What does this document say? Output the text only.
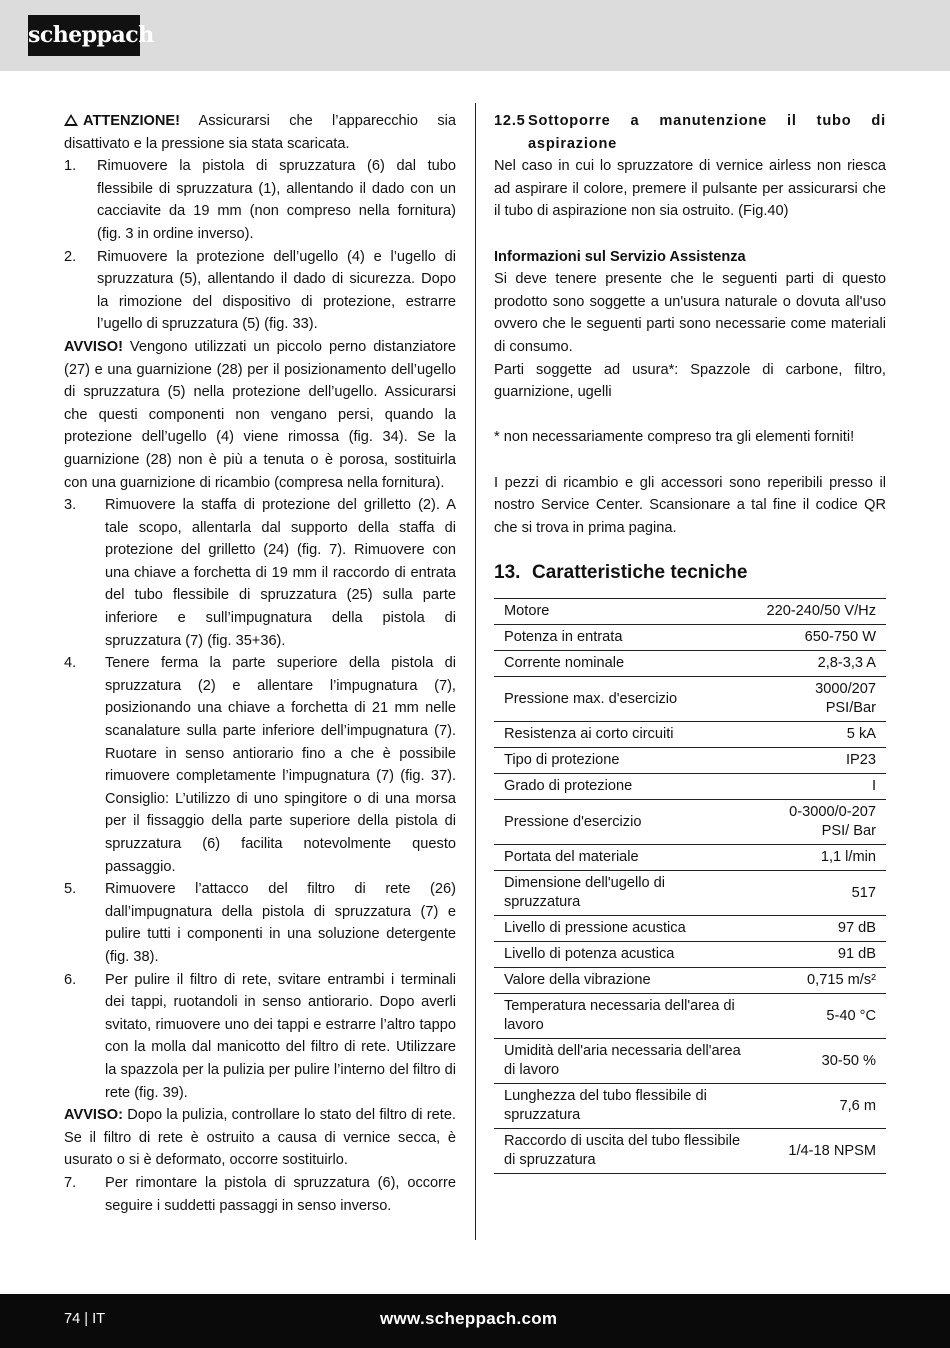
scheppach

ATTENZIONE! Assicurarsi che l’apparecchio sia disattivato e la pressione sia stata scaricata.

1.	Rimuovere la pistola di spruzzatura (6) dal tubo flessibile di spruzzatura (1), allentando il dado con un cacciavite da 19 mm (non compreso nella fornitura) (fig. 3 in ordine inverso).
2.	Rimuovere la protezione dell’ugello (4) e l’ugello di spruzzatura (5), allentando il dado di sicurezza. Dopo la rimozione del dispositivo di protezione, estrarre l’ugello di spruzzatura (5) (fig. 33).

AVVISO! Vengono utilizzati un piccolo perno distanziatore (27) e una guarnizione (28) per il posizionamento dell’ugello di spruzzatura (5) nella protezione dell’ugello. Assicurarsi che questi componenti non vengano persi, quando la protezione dell’ugello (4) viene rimossa (fig. 34). Se la guarnizione (28) non è più a tenuta o è porosa, sostituirla con una guarnizione di ricambio (compresa nella fornitura).

3.	Rimuovere la staffa di protezione del grilletto (2). A tale scopo, allentarla dal supporto della staffa di protezione del grilletto (24) (fig. 7). Rimuovere con una chiave a forchetta di 19 mm il raccordo di entrata del tubo flessibile di spruzzatura (25) sulla parte inferiore e sull’impugnatura della pistola di spruzzatura (7) (fig. 35+36).
4.	Tenere ferma la parte superiore della pistola di spruzzatura (2) e allentare l’impugnatura (7), posizionando una chiave a forchetta di 21 mm nelle scanalature sulla parte inferiore dell’impugnatura (7). Ruotare in senso antiorario fino a che è possibile rimuovere completamente l’impugnatura (7) (fig. 37). Consiglio: L’utilizzo di uno spingitore o di una morsa per il fissaggio della parte superiore della pistola di spruzzatura (6) facilita notevolmente questo passaggio.
5.	Rimuovere l’attacco del filtro di rete (26) dall’impugnatura della pistola di spruzzatura (7) e pulire tutti i componenti in una soluzione detergente (fig. 38).
6.	Per pulire il filtro di rete, svitare entrambi i terminali dei tappi, ruotandoli in senso antiorario. Dopo averli svitato, rimuovere uno dei tappi e estrarre l’altro tappo con la molla dal manicotto del filtro di rete. Utilizzare la spazzola per la pulizia per pulire l’interno del filtro di rete (fig. 39).

AVVISO: Dopo la pulizia, controllare lo stato del filtro di rete. Se il filtro di rete è ostruito a causa di vernice secca, è usurato o si è deformato, occorre sostituirlo.

7.	Per rimontare la pistola di spruzzatura (6), occorre seguire i suddetti passaggi in senso inverso.
12.5 Sottoporre a manutenzione il tubo di aspirazione

Nel caso in cui lo spruzzatore di vernice airless non riesca ad aspirare il colore, premere il pulsante per assicurarsi che il tubo di aspirazione non sia ostruito. (Fig.40)

Informazioni sul Servizio Assistenza

Si deve tenere presente che le seguenti parti di questo prodotto sono soggette a un'usura naturale o dovuta all'uso ovvero che le seguenti parti sono necessarie come materiali di consumo.

Parti soggette ad usura*: Spazzole di carbone, filtro, guarnizione, ugelli

* non necessariamente compreso tra gli elementi forniti!

I pezzi di ricambio e gli accessori sono reperibili presso il nostro Service Center. Scansionare a tal fine il codice QR che si trova in prima pagina.

13. Caratteristiche tecniche
Motore	220-240/50 V/Hz
Potenza in entrata	650-750 W
Corrente nominale	2,8-3,3 A
Pressione max. d'esercizio	3000/207 PSI/Bar
Resistenza ai corto circuiti	5 kA
Tipo di protezione	IP23
Grado di protezione	I
Pressione d'esercizio	0-3000/0-207 PSI/ Bar
Portata del materiale	1,1 l/min
Dimensione dell'ugello di spruzzatura	517
Livello di pressione acustica	97 dB
Livello di potenza acustica	91 dB
Valore della vibrazione	0,715 m/s²
Temperatura necessaria dell'area di lavoro	5-40 °C
Umidità dell'aria necessaria dell'area di lavoro	30-50 %
Lunghezza del tubo flessibile di spruzzatura	7,6 m
Raccordo di uscita del tubo flessibile di spruzzatura	1/4-18 NPSM
74 | IT	www.scheppach.com
